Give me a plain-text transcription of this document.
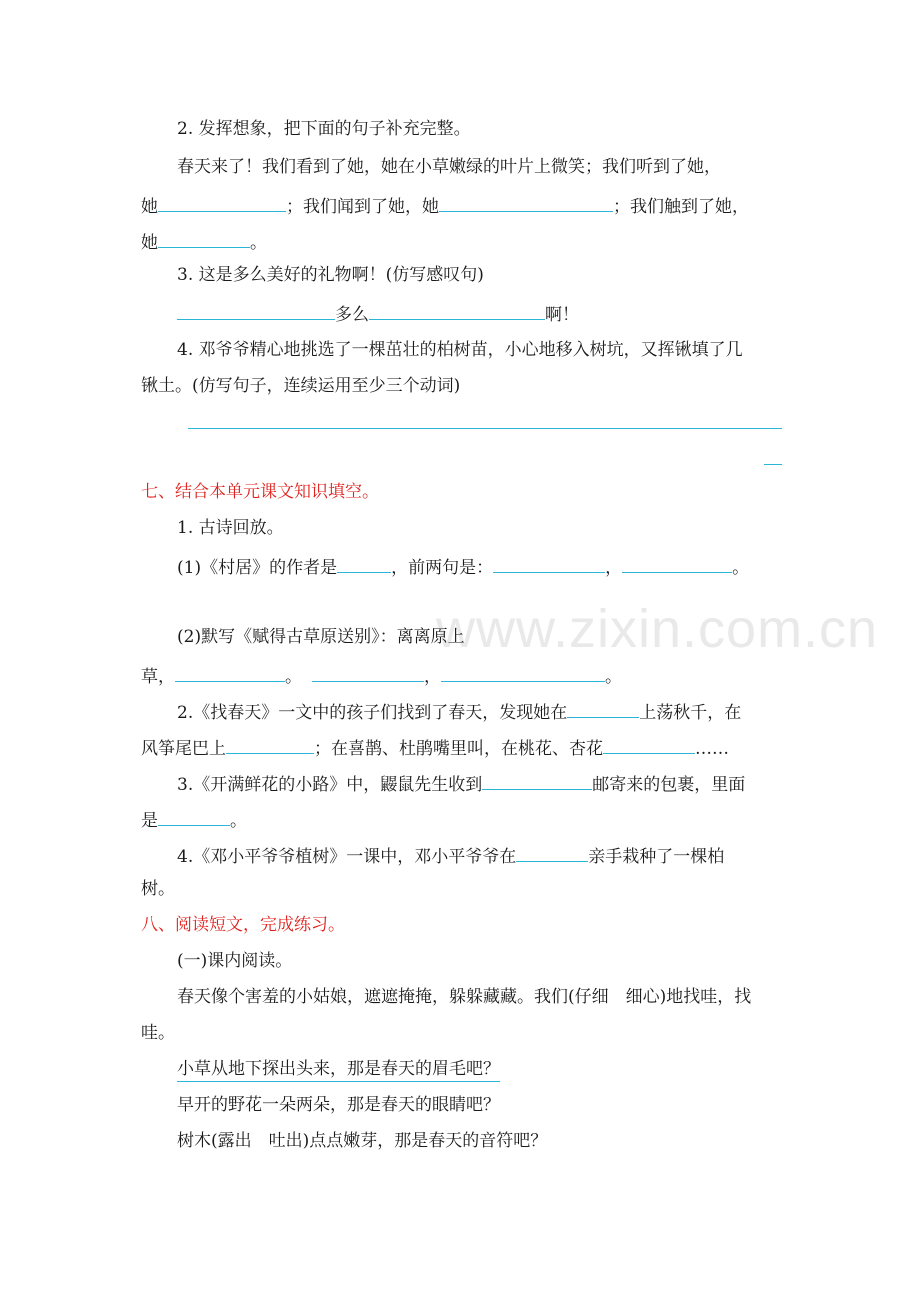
2. 发挥想象，把下面的句子补充完整。
春天来了！我们看到了她，她在小草嫩绿的叶片上微笑；我们听到了她，
她	；我们闻到了她，她	；我们触到了她，
她	。
3. 这是多么美好的礼物啊！(仿写感叹句)
多么	啊！
4. 邓爷爷精心地挑选了一棵茁壮的柏树苗，小心地移入树坑，又挥锹填了几
锹土。(仿写句子，连续运用至少三个动词)
七、结合本单元课文知识填空。
1. 古诗回放。
(1)《村居》的作者是	，前两句是：	，	。
www.zixin.com.cn
(2)默写《赋得古草原送别》：离离原上
草，	。	，	。
2.《找春天》一文中的孩子们找到了春天，发现她在	上荡秋千，在
风筝尾巴上	；在喜鹊、杜鹃嘴里叫，在桃花、杏花	……
3.《开满鲜花的小路》中，鼹鼠先生收到	邮寄来的包裹，里面
是	。
4.《邓小平爷爷植树》一课中，邓小平爷爷在	亲手栽种了一棵柏
树。
八、阅读短文，完成练习。
(一)课内阅读。
春天像个害羞的小姑娘，遮遮掩掩，躲躲藏藏。我们(仔细　细心)地找哇，找
哇。
小草从地下探出头来，那是春天的眉毛吧？
早开的野花一朵两朵，那是春天的眼睛吧？
树木(露出　吐出)点点嫩芽，那是春天的音符吧？
